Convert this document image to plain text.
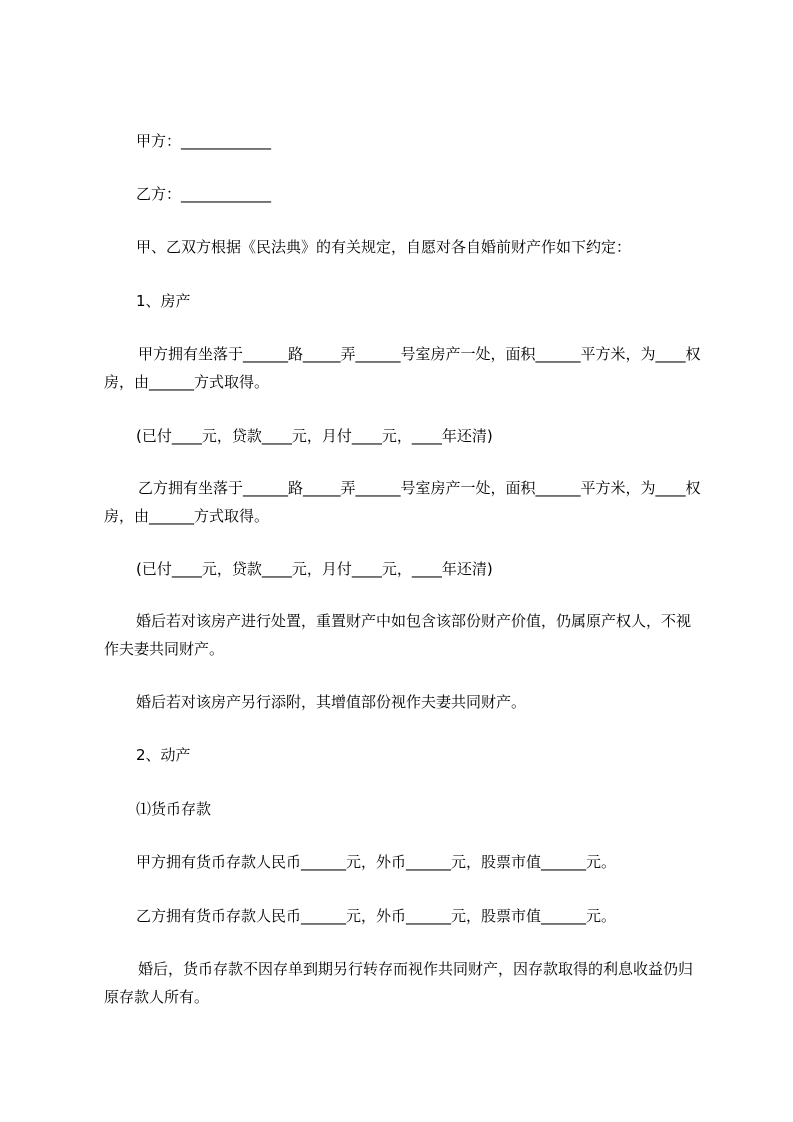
甲方：____________

乙方：____________

甲、乙双方根据《民法典》的有关规定，自愿对各自婚前财产作如下约定：

1、房产

甲方拥有坐落于______路_____弄______号室房产一处，面积______平方米，为____权房，由______方式取得。

(已付____元，贷款____元，月付____元，____年还清)

乙方拥有坐落于______路_____弄______号室房产一处，面积______平方米，为____权房，由______方式取得。

(已付____元，贷款____元，月付____元，____年还清)

婚后若对该房产进行处置，重置财产中如包含该部份财产价值，仍属原产权人，不视作夫妻共同财产。

婚后若对该房产另行添附，其增值部份视作夫妻共同财产。

2、动产

⑴货币存款

甲方拥有货币存款人民币______元，外币______元，股票市值______元。

乙方拥有货币存款人民币______元，外币______元，股票市值______元。

婚后，货币存款不因存单到期另行转存而视作共同财产，因存款取得的利息收益仍归原存款人所有。
